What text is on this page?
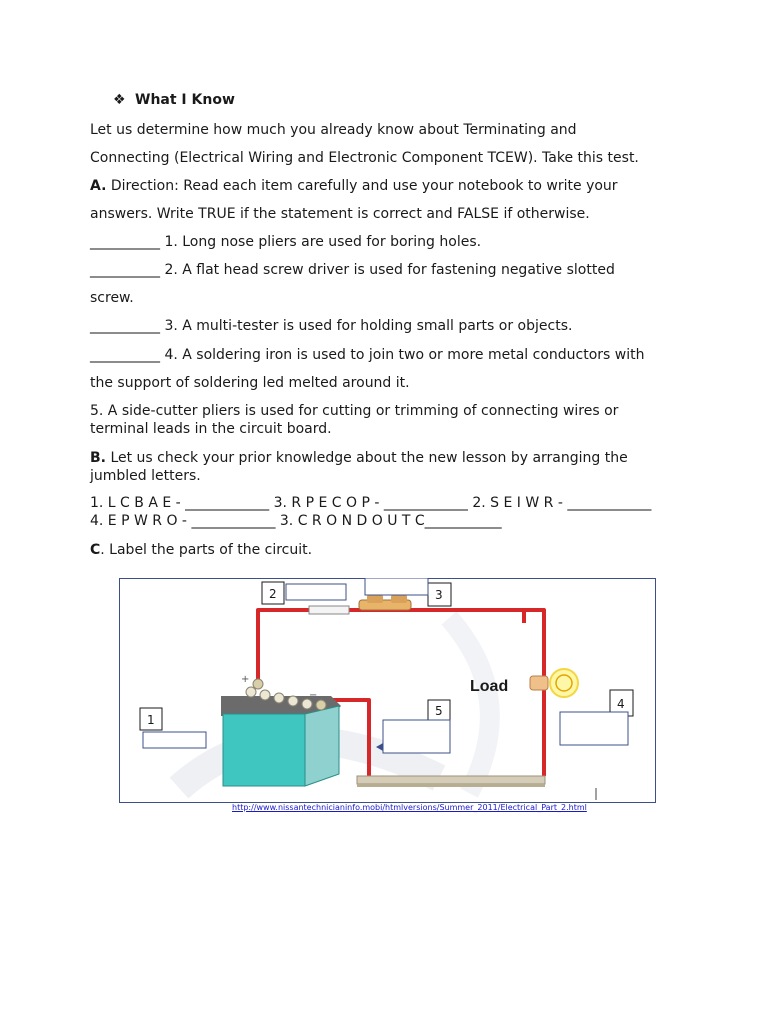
❖ What I Know
Let us determine how much you already know about Terminating and
Connecting (Electrical Wiring and Electronic Component TCEW). Take this test.
A. Direction: Read each item carefully and use your notebook to write your
answers. Write TRUE if the statement is correct and FALSE if otherwise.
__________ 1. Long nose pliers are used for boring holes.
__________ 2. A flat head screw driver is used for fastening negative slotted
screw.
__________ 3. A multi-tester is used for holding small parts or objects.
__________ 4. A soldering iron is used to join two or more metal conductors with
the support of soldering led melted around it.
5. A side-cutter pliers is used for cutting or trimming of connecting wires or terminal leads in the circuit board.
B. Let us check your prior knowledge about the new lesson by arranging the jumbled letters.
1. L C B A E - ____________ 3. R P E C O P - ____________ 2. S E I W R - ____________
4. E P W R O - ____________ 3. C R O N D O U T C___________
C. Label the parts of the circuit.
+
−
Load
1
2	3
4
5
http://www.nissantechnicianinfo.mobi/htmlversions/Summer_2011/Electrical_Part_2.html
